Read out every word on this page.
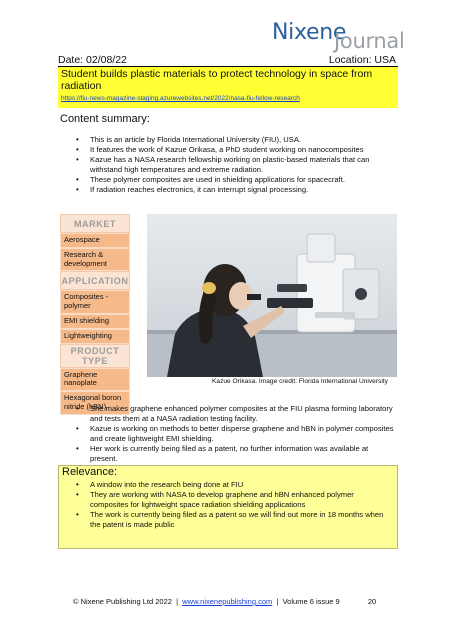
Nixene
Journal
Date: 02/08/22	Location: USA
Student builds plastic materials to protect technology in space from radiation
https://fiu-news-magazine-staging.azurewebsites.net/2022/nasa-fiu-fellow-research
Content summary:
• This is an article by Florida International University (FIU), USA.
• It features the work of Kazue Orikasa, a PhD student working on nanocomposites
• Kazue has a NASA research fellowship working on plastic-based materials that can withstand high temperatures and extreme radiation.
• These polymer composites are used in shielding applications for spacecraft.
• If radiation reaches electronics, it can interrupt signal processing.
MARKET
Aerospace
Research & development
APPLICATION
Composites - polymer
EMI shielding
Lightweighting
PRODUCT TYPE
Graphene nanoplate
Hexagonal boron nitride (hBN)
Kazue Orikasa. Image credit: Florida International University
• She makes graphene enhanced polymer composites at the FIU plasma forming laboratory and tests them at a NASA radiation testing facility.
• Kazue is working on methods to better disperse graphene and hBN in polymer composites and create lightweight EMI shielding.
• Her work is currently being filed as a patent, no further information was available at present.
Relevance:
• A window into the research being done at FIU
• They are working with NASA to develop graphene and hBN enhanced polymer composites for lightweight space radiation shielding applications
• The work is currently being filed as a patent so we will find out more in 18 months when the patent is made public
© Nixene Publishing Ltd 2022 | www.nixenepublishing.com | Volume 6 issue 9	20
